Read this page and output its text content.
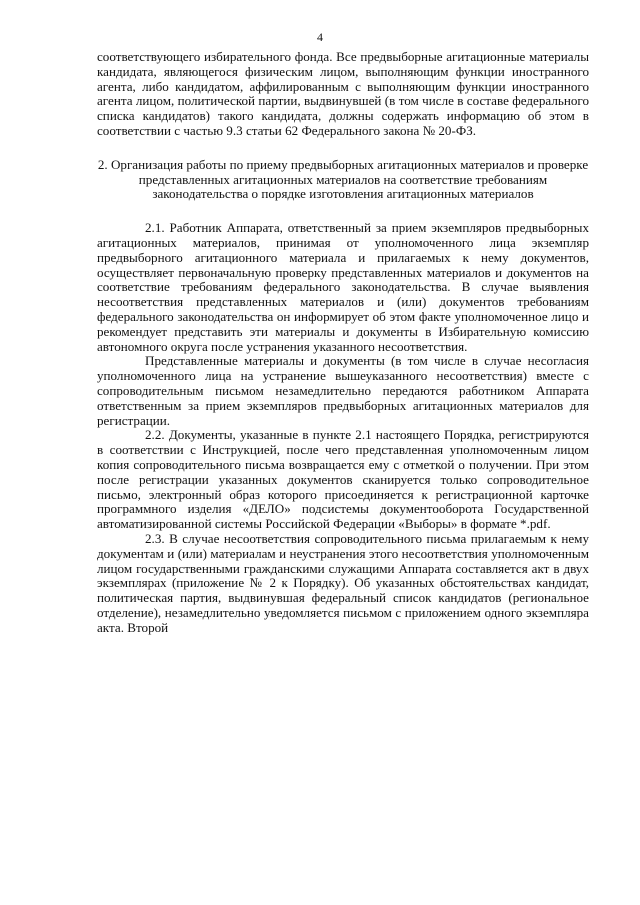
4

соответствующего избирательного фонда. Все предвыборные агитационные материалы кандидата, являющегося физическим лицом, выполняющим функции иностранного агента, либо кандидатом, аффилированным с выполняющим функции иностранного агента лицом, политической партии, выдвинувшей (в том числе в составе федерального списка кандидатов) такого кандидата, должны содержать информацию об этом в соответствии с частью 9.3 статьи 62 Федерального закона № 20-ФЗ.

2. Организация работы по приему предвыборных агитационных материалов и проверке представленных агитационных материалов на соответствие требованиям законодательства о порядке изготовления агитационных материалов

2.1. Работник Аппарата, ответственный за прием экземпляров предвыборных агитационных материалов, принимая от уполномоченного лица экземпляр предвыборного агитационного материала и прилагаемых к нему документов, осуществляет первоначальную проверку представленных материалов и документов на соответствие требованиям федерального законодательства. В случае выявления несоответствия представленных материалов и (или) документов требованиям федерального законодательства он информирует об этом факте уполномоченное лицо и рекомендует представить эти материалы и документы в Избирательную комиссию автономного округа после устранения указанного несоответствия.

Представленные материалы и документы (в том числе в случае несогласия уполномоченного лица на устранение вышеуказанного несоответствия) вместе с сопроводительным письмом незамедлительно передаются работником Аппарата ответственным за прием экземпляров предвыборных агитационных материалов для регистрации.

2.2. Документы, указанные в пункте 2.1 настоящего Порядка, регистрируются в соответствии с Инструкцией, после чего представленная уполномоченным лицом копия сопроводительного письма возвращается ему с отметкой о получении. При этом после регистрации указанных документов сканируется только сопроводительное письмо, электронный образ которого присоединяется к регистрационной карточке программного изделия «ДЕЛО» подсистемы документооборота Государственной автоматизированной системы Российской Федерации «Выборы» в формате *.pdf.

2.3. В случае несоответствия сопроводительного письма прилагаемым к нему документам и (или) материалам и неустранения этого несоответствия уполномоченным лицом государственными гражданскими служащими Аппарата составляется акт в двух экземплярах (приложение № 2 к Порядку). Об указанных обстоятельствах кандидат, политическая партия, выдвинувшая федеральный список кандидатов (региональное отделение), незамедлительно уведомляется письмом с приложением одного экземпляра акта. Второй
